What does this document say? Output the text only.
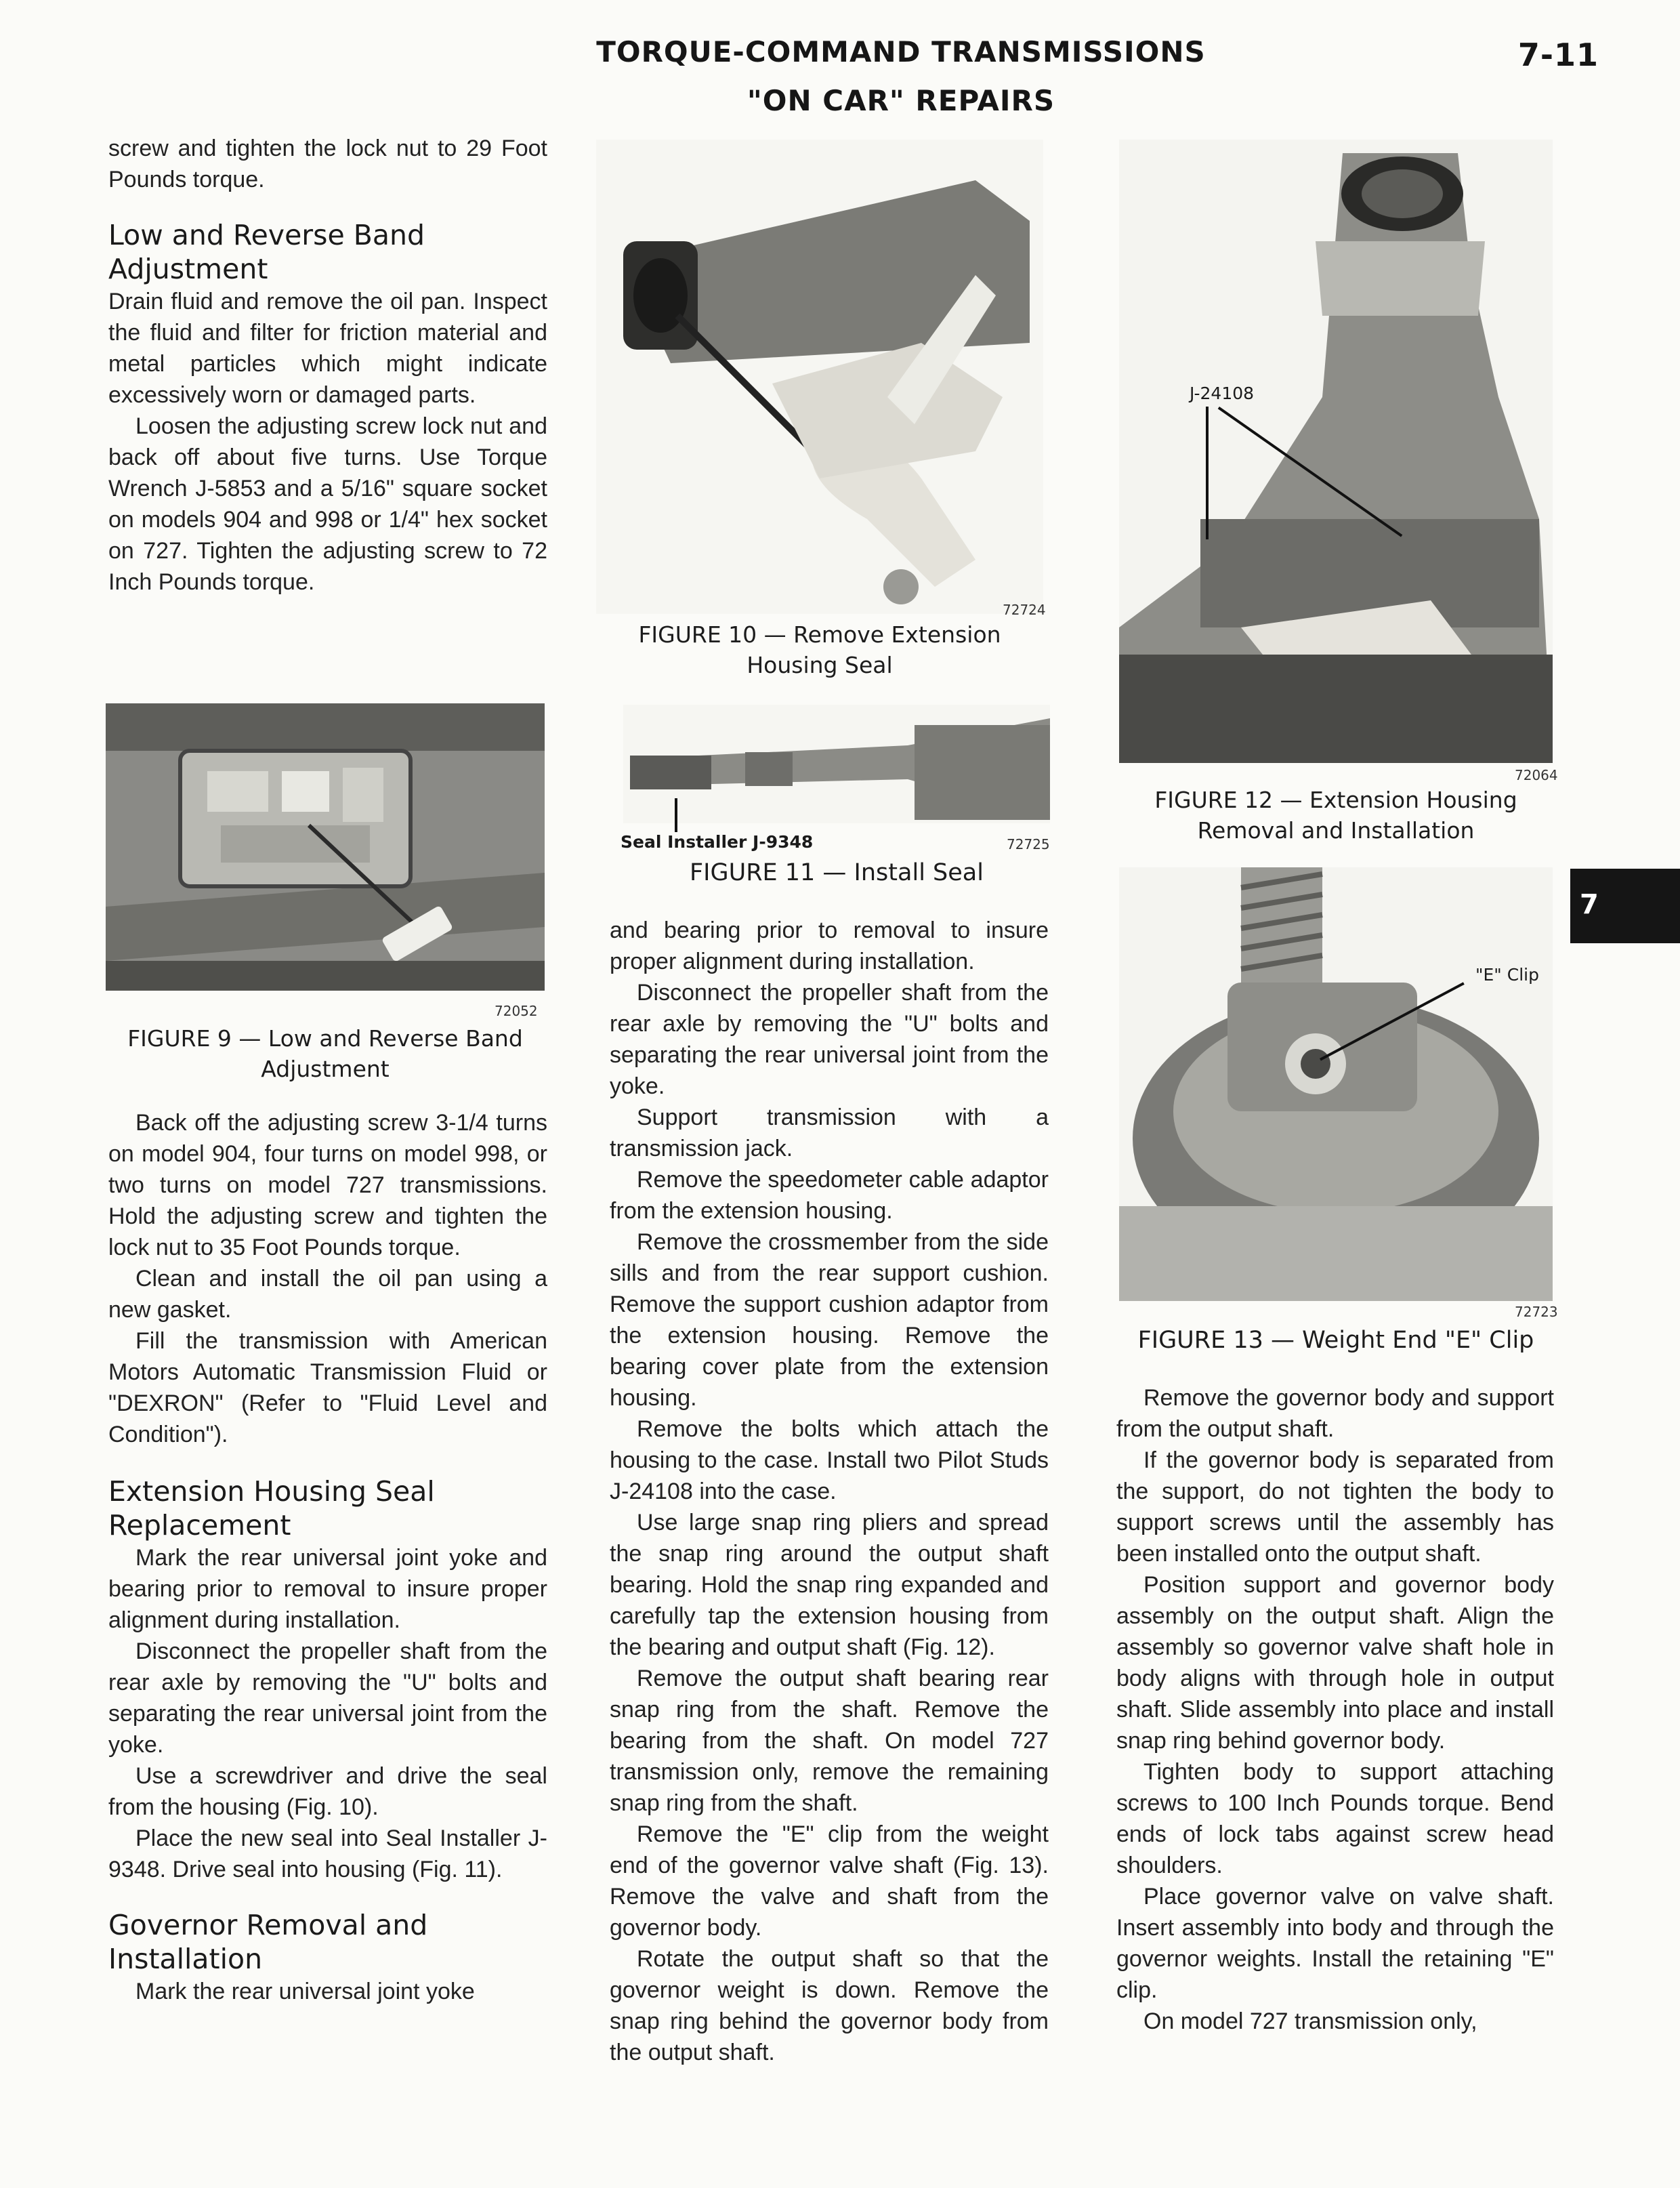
TORQUE-COMMAND TRANSMISSIONS
"ON CAR" REPAIRS
7-11

screw and tighten the lock nut to 29 Foot Pounds torque.

Low and Reverse Band Adjustment

Drain fluid and remove the oil pan. Inspect the fluid and filter for friction material and metal particles which might indicate excessively worn or damaged parts.

Loosen the adjusting screw lock nut and back off about five turns. Use Torque Wrench J-5853 and a 5/16" square socket on models 904 and 998 or 1/4" hex socket on 727. Tighten the adjusting screw to 72 Inch Pounds torque.

72052
FIGURE 9 — Low and Reverse Band
Adjustment

Back off the adjusting screw 3-1/4 turns on model 904, four turns on model 998, or two turns on model 727 transmissions. Hold the adjusting screw and tighten the lock nut to 35 Foot Pounds torque.

Clean and install the oil pan using a new gasket.

Fill the transmission with American Motors Automatic Transmission Fluid or "DEXRON" (Refer to "Fluid Level and Condition").

Extension Housing Seal Replacement

Mark the rear universal joint yoke and bearing prior to removal to insure proper alignment during installation.

Disconnect the propeller shaft from the rear axle by removing the "U" bolts and separating the rear universal joint from the yoke.

Use a screwdriver and drive the seal from the housing (Fig. 10).

Place the new seal into Seal Installer J-9348. Drive seal into housing (Fig. 11).

Governor Removal and Installation

Mark the rear universal joint yoke

72724
FIGURE 10 — Remove Extension
Housing Seal
Seal Installer J-9348	72725
FIGURE 11 — Install Seal

and bearing prior to removal to insure proper alignment during installation.

Disconnect the propeller shaft from the rear axle by removing the "U" bolts and separating the rear universal joint from the yoke.

Support transmission with a transmission jack.

Remove the speedometer cable adaptor from the extension housing.

Remove the crossmember from the side sills and from the rear support cushion. Remove the support cushion adaptor from the extension housing. Remove the bearing cover plate from the extension housing.

Remove the bolts which attach the housing to the case. Install two Pilot Studs J-24108 into the case.

Use large snap ring pliers and spread the snap ring around the output shaft bearing. Hold the snap ring expanded and carefully tap the extension housing from the bearing and output shaft (Fig. 12).

Remove the output shaft bearing rear snap ring from the shaft. Remove the bearing from the shaft. On model 727 transmission only, remove the remaining snap ring from the shaft.

Remove the "E" clip from the weight end of the governor valve shaft (Fig. 13). Remove the valve and shaft from the governor body.

Rotate the output shaft so that the governor weight is down. Remove the snap ring behind the governor body from the output shaft.

J-24108
72064
FIGURE 12 — Extension Housing
Removal and Installation
7
"E" Clip
72723
FIGURE 13 — Weight End "E" Clip

Remove the governor body and support from the output shaft.

If the governor body is separated from the support, do not tighten the body to support screws until the assembly has been installed onto the output shaft.

Position support and governor body assembly on the output shaft. Align the assembly so governor valve shaft hole in body aligns with through hole in output shaft. Slide assembly into place and install snap ring behind governor body.

Tighten body to support attaching screws to 100 Inch Pounds torque. Bend ends of lock tabs against screw head shoulders.

Place governor valve on valve shaft. Insert assembly into body and through the governor weights. Install the retaining "E" clip.

On model 727 transmission only,
